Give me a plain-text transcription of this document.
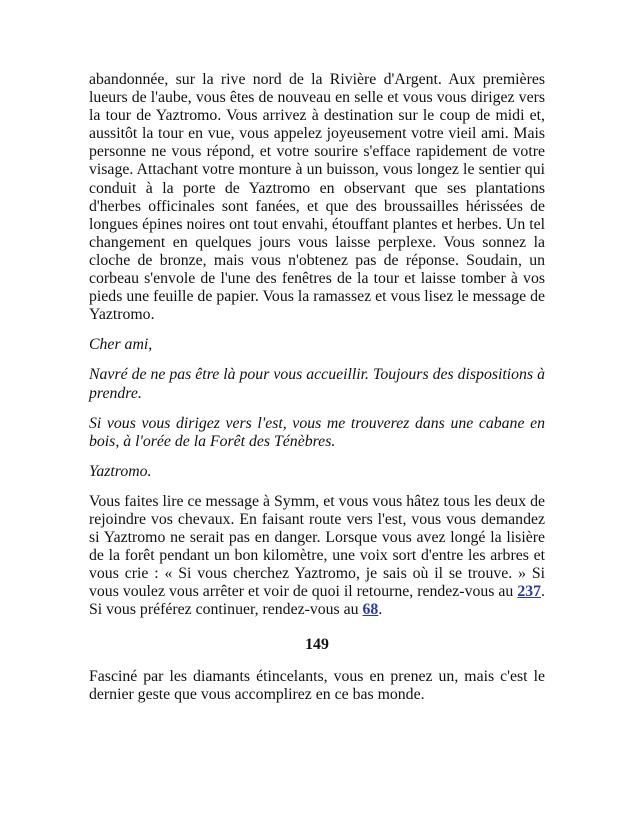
abandonnée, sur la rive nord de la Rivière d'Argent. Aux premières lueurs de l'aube, vous êtes de nouveau en selle et vous vous dirigez vers la tour de Yaztromo. Vous arrivez à destination sur le coup de midi et, aussitôt la tour en vue, vous appelez joyeusement votre vieil ami. Mais personne ne vous répond, et votre sourire s'efface rapidement de votre visage. Attachant votre monture à un buisson, vous longez le sentier qui conduit à la porte de Yaztromo en observant que ses plantations d'herbes officinales sont fanées, et que des broussailles hérissées de longues épines noires ont tout envahi, étouffant plantes et herbes. Un tel changement en quelques jours vous laisse perplexe. Vous sonnez la cloche de bronze, mais vous n'obtenez pas de réponse. Soudain, un corbeau s'envole de l'une des fenêtres de la tour et laisse tomber à vos pieds une feuille de papier. Vous la ramassez et vous lisez le message de Yaztromo.

Cher ami,

Navré de ne pas être là pour vous accueillir. Toujours des dispositions à prendre.

Si vous vous dirigez vers l'est, vous me trouverez dans une cabane en bois, à l'orée de la Forêt des Ténèbres.

Yaztromo.

Vous faites lire ce message à Symm, et vous vous hâtez tous les deux de rejoindre vos chevaux. En faisant route vers l'est, vous vous demandez si Yaztromo ne serait pas en danger. Lorsque vous avez longé la lisière de la forêt pendant un bon kilomètre, une voix sort d'entre les arbres et vous crie : « Si vous cherchez Yaztromo, je sais où il se trouve. » Si vous voulez vous arrêter et voir de quoi il retourne, rendez-vous au 237. Si vous préférez continuer, rendez-vous au 68.

149

Fasciné par les diamants étincelants, vous en prenez un, mais c'est le dernier geste que vous accomplirez en ce bas monde.
